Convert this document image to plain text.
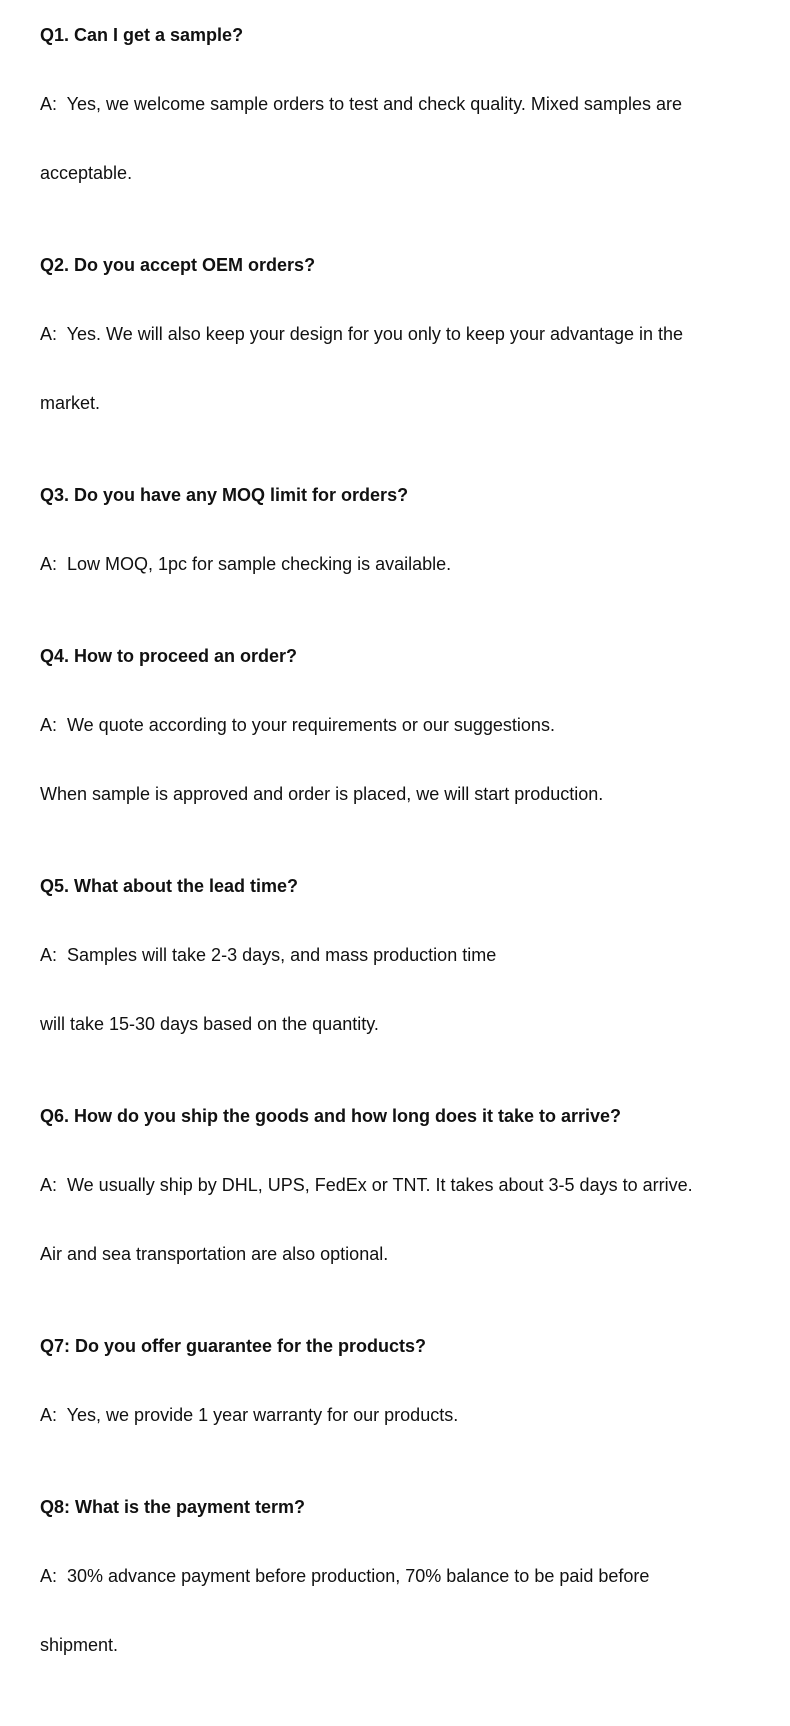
Q1. Can I get a sample?

A:  Yes, we welcome sample orders to test and check quality. Mixed samples are

acceptable.

Q2. Do you accept OEM orders?

A:  Yes. We will also keep your design for you only to keep your advantage in the

market.

Q3. Do you have any MOQ limit for orders?

A:  Low MOQ, 1pc for sample checking is available.

Q4. How to proceed an order?

A:  We quote according to your requirements or our suggestions.

When sample is approved and order is placed, we will start production.

Q5. What about the lead time?

A:  Samples will take 2-3 days, and mass production time

will take 15-30 days based on the quantity.

Q6. How do you ship the goods and how long does it take to arrive?

A:  We usually ship by DHL, UPS, FedEx or TNT. It takes about 3-5 days to arrive.

Air and sea transportation are also optional.

Q7: Do you offer guarantee for the products?

A:  Yes, we provide 1 year warranty for our products.

Q8: What is the payment term?

A:  30% advance payment before production, 70% balance to be paid before

shipment.
